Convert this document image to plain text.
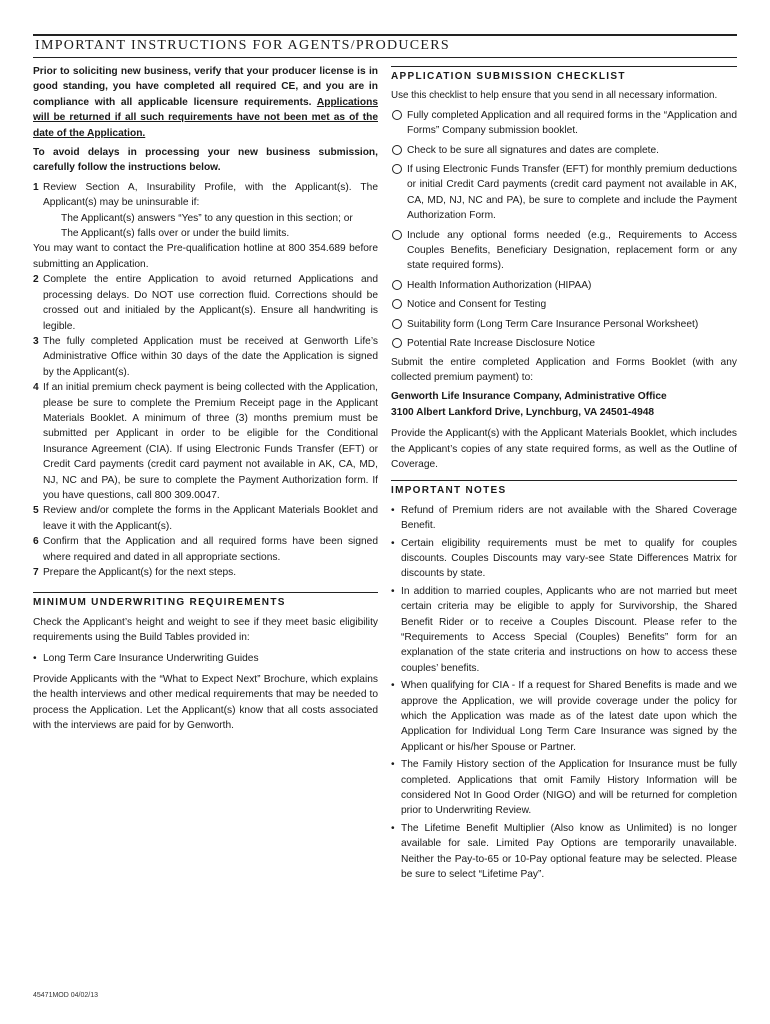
IMPORTANT INSTRUCTIONS FOR AGENTS/PRODUCERS

Prior to soliciting new business, verify that your producer license is in good standing, you have completed all required CE, and you are in compliance with all applicable licensure requirements. Applications will be returned if all such requirements have not been met as of the date of the Application.

To avoid delays in processing your new business submission, carefully follow the instructions below.

1 Review Section A, Insurability Profile, with the Applicant(s). The Applicant(s) may be uninsurable if:
The Applicant(s) answers “Yes” to any question in this section; or
The Applicant(s) falls over or under the build limits.

You may want to contact the Pre-qualification hotline at 800 354.689 before submitting an Application.

2 Complete the entire Application to avoid returned Applications and processing delays. Do NOT use correction fluid. Corrections should be crossed out and initialed by the Applicant(s). Ensure all handwriting is legible.
3 The fully completed Application must be received at Genworth Life’s Administrative Office within 30 days of the date the Application is signed by the Applicant(s).
4 If an initial premium check payment is being collected with the Application, please be sure to complete the Premium Receipt page in the Applicant Materials Booklet. A minimum of three (3) months premium must be submitted per Applicant in order to be eligible for the Conditional Insurance Agreement (CIA). If using Electronic Funds Transfer (EFT) or Credit Card payments (credit card payment not available in AK, CA, MD, NJ, NC and PA), be sure to complete the Payment Authorization form. If you have questions, call 800 309.0047.
5 Review and/or complete the forms in the Applicant Materials Booklet and leave it with the Applicant(s).
6 Confirm that the Application and all required forms have been signed where required and dated in all appropriate sections.
7 Prepare the Applicant(s) for the next steps.
MINIMUM UNDERWRITING REQUIREMENTS

Check the Applicant’s height and weight to see if they meet basic eligibility requirements using the Build Tables provided in:

• Long Term Care Insurance Underwriting Guides

Provide Applicants with the “What to Expect Next” Brochure, which explains the health interviews and other medical requirements that may be needed to process the Application. Let the Applicant(s) know that all costs associated with the interviews are paid for by Genworth.

APPLICATION SUBMISSION CHECKLIST

Use this checklist to help ensure that you send in all necessary information.

Fully completed Application and all required forms in the “Application and Forms” Company submission booklet.
Check to be sure all signatures and dates are complete.
If using Electronic Funds Transfer (EFT) for monthly premium deductions or initial Credit Card payments (credit card payment not available in AK, CA, MD, NJ, NC and PA), be sure to complete and include the Payment Authorization Form.
Include any optional forms needed (e.g., Requirements to Access Couples Benefits, Beneficiary Designation, replacement form or any state required forms).
Health Information Authorization (HIPAA)
Notice and Consent for Testing
Suitability form (Long Term Care Insurance Personal Worksheet)
Potential Rate Increase Disclosure Notice

Submit the entire completed Application and Forms Booklet (with any collected premium payment) to:

Genworth Life Insurance Company, Administrative Office

3100 Albert Lankford Drive, Lynchburg, VA 24501-4948

Provide the Applicant(s) with the Applicant Materials Booklet, which includes the Applicant’s copies of any state required forms, as well as the Outline of Coverage.

IMPORTANT NOTES
• Refund of Premium riders are not available with the Shared Coverage Benefit.
• Certain eligibility requirements must be met to qualify for couples discounts. Couples Discounts may vary-see State Differences Matrix for discounts by state.
• In addition to married couples, Applicants who are not married but meet certain criteria may be eligible to apply for Survivorship, the Shared Benefit Rider or to receive a Couples Discount. Please refer to the “Requirements to Access Special (Couples) Benefits” form for an explanation of the state criteria and instructions on how to access these couples’ benefits.
• When qualifying for CIA - If a request for Shared Benefits is made and we approve the Application, we will provide coverage under the policy for which the Application was made as of the latest date upon which the Application for Individual Long Term Care Insurance was signed by the Applicant or his/her Spouse or Partner.
• The Family History section of the Application for Insurance must be fully completed. Applications that omit Family History Information will be considered Not In Good Order (NIGO) and will be returned for completion prior to Underwriting Review.
• The Lifetime Benefit Multiplier (Also know as Unlimited) is no longer available for sale. Limited Pay Options are temporarily unavailable. Neither the Pay-to-65 or 10-Pay optional feature may be selected. Please be sure to select “Lifetime Pay”.
45471MOD 04/02/13
